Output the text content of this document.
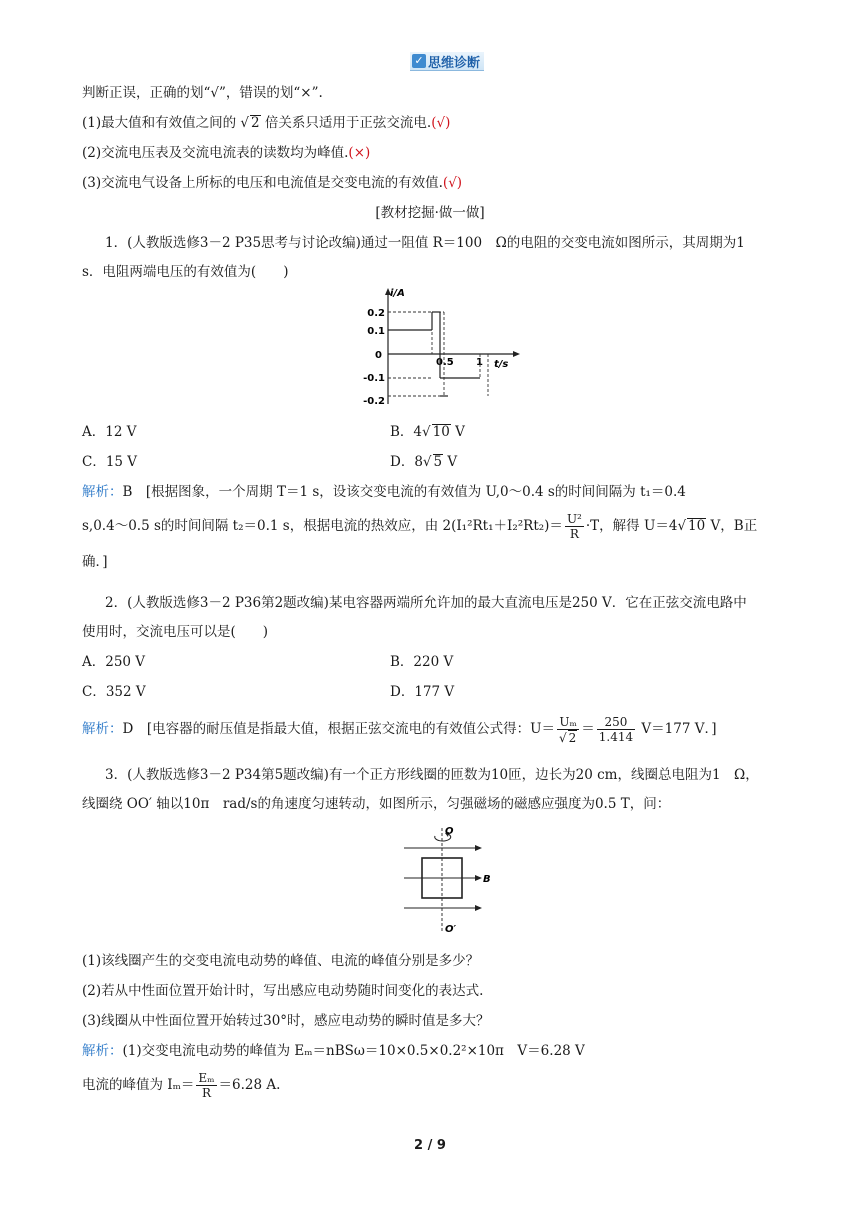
✓ 思维诊断
判断正误，正确的划“√”，错误的划“×”.
(1)最大值和有效值之间的 √ 2 倍关系只适用于正弦交流电.(√)
(2)交流电压表及交流电流表的读数均为峰值.(×)
(3)交流电气设备上所标的电压和电流值是交变电流的有效值.(√)
[教材挖掘·做一做]
1．(人教版选修3－2 P35思考与讨论改编)通过一阻值 R＝100　Ω的电阻的交变电流如图所示，其周期为1
s．电阻两端电压的有效值为(　　)
i/A
t/s
0.2
0.1
0
-0.1
-0.2
0.5 1
A．12 V	B．4√ 10 V
C．15 V	D．8√ 5 V
解析：B　[根据图象，一个周期 T＝1 s，设该交变电流的有效值为 U,0～0.4 s的时间间隔为 t₁＝0.4
s,0.4～0.5 s的时间间隔 t₂＝0.1 s，根据电流的热效应，由 $2(I_1^2Rt_1+I_2^2Rt_2)= \frac{\text{U²}}{R} \cdot T$，解得 U＝4√ 10 V，B正
确．]
2．(人教版选修3－2 P36第2题改编)某电容器两端所允许加的最大直流电压是250 V．它在正弦交流电路中
使用时，交流电压可以是(　　)
A．250 V	B．220 V
C．352 V	D．177 V
解析：D　[电容器的耐压值是指最大值，根据正弦交流电的有效值公式得：$U= \frac{\text{Uₘ}}{√ 2} = \frac{250}{1.414} V=177$ V．]
3．(人教版选修3－2 P34第5题改编)有一个正方形线圈的匝数为10匝，边长为20 cm，线圈总电阻为1　Ω，
线圈绕 OO′ 轴以10π　rad/s的角速度匀速转动，如图所示，匀强磁场的磁感应强度为0.5 T，问：
O
O′
B
(1)该线圈产生的交变电流电动势的峰值、电流的峰值分别是多少？
(2)若从中性面位置开始计时，写出感应电动势随时间变化的表达式.
(3)线圈从中性面位置开始转过30°时，感应电动势的瞬时值是多大？
解析：(1)交变电流电动势的峰值为 Eₘ＝nBSω＝10×0.5×0.2²×10π　V＝6.28 V
电流的峰值为 $I_m= \frac{\text{Eₘ}}{R} =6.28$ A.
2 / 9
